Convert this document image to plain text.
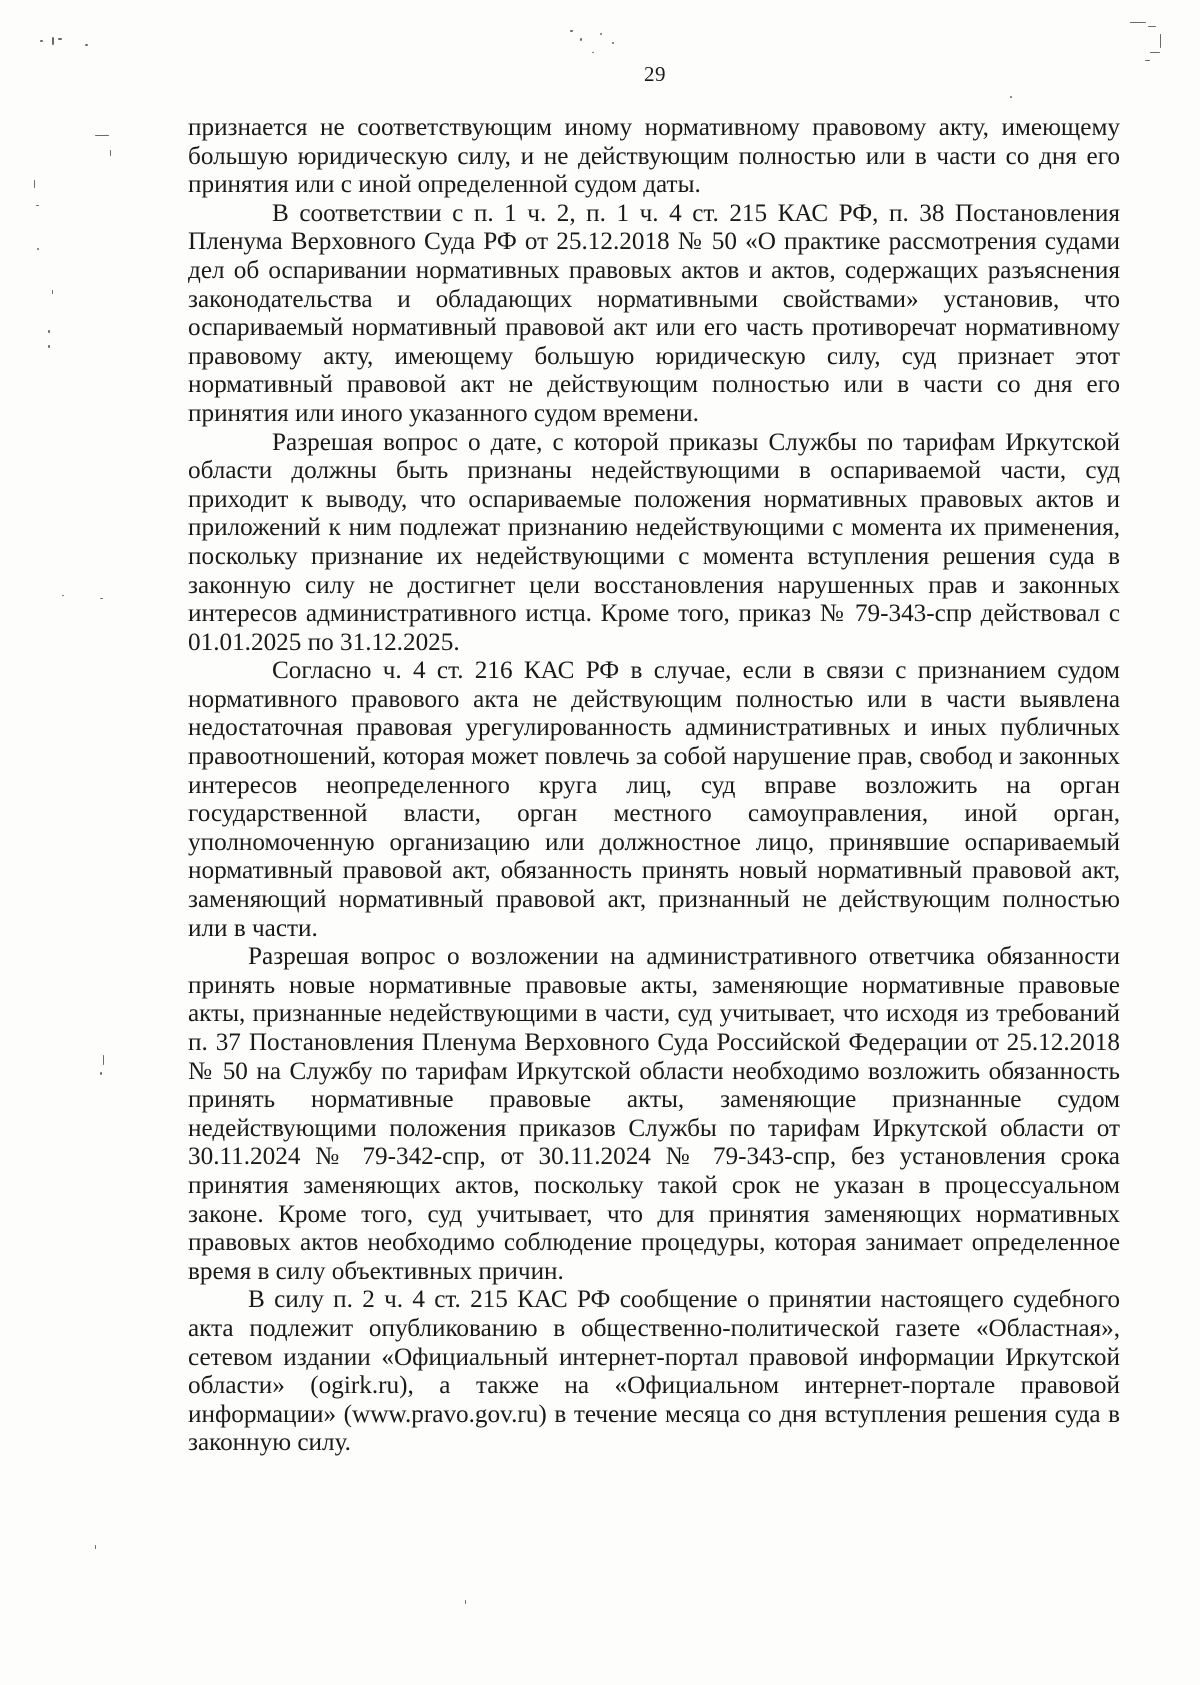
29

признается не соответствующим иному нормативному правовому акту, имеющему большую юридическую силу, и не действующим полностью или в части со дня его принятия или с иной определенной судом даты.

В соответствии с п. 1 ч. 2, п. 1 ч. 4 ст. 215 КАС РФ, п. 38 Постановления Пленума Верховного Суда РФ от 25.12.2018 № 50 «О практике рассмотрения судами дел об оспаривании нормативных правовых актов и актов, содержащих разъяснения законодательства и обладающих нормативными свойствами» установив, что оспариваемый нормативный правовой акт или его часть противоречат нормативному правовому акту, имеющему большую юридическую силу, суд признает этот нормативный правовой акт не действующим полностью или в части со дня его принятия или иного указанного судом времени.

Разрешая вопрос о дате, с которой приказы Службы по тарифам Иркутской области должны быть признаны недействующими в оспариваемой части, суд приходит к выводу, что оспариваемые положения нормативных правовых актов и приложений к ним подлежат признанию недействующими с момента их применения, поскольку признание их недействующими с момента вступления решения суда в законную силу не достигнет цели восстановления нарушенных прав и законных интересов административного истца. Кроме того, приказ № 79-343-спр действовал с 01.01.2025 по 31.12.2025.

Согласно ч. 4 ст. 216 КАС РФ в случае, если в связи с признанием судом нормативного правового акта не действующим полностью или в части выявлена недостаточная правовая урегулированность административных и иных публичных правоотношений, которая может повлечь за собой нарушение прав, свобод и законных интересов неопределенного круга лиц, суд вправе возложить на орган государственной власти, орган местного самоуправления, иной орган, уполномоченную организацию или должностное лицо, принявшие оспариваемый нормативный правовой акт, обязанность принять новый нормативный правовой акт, заменяющий нормативный правовой акт, признанный не действующим полностью или в части.

Разрешая вопрос о возложении на административного ответчика обязанности принять новые нормативные правовые акты, заменяющие нормативные правовые акты, признанные недействующими в части, суд учитывает, что исходя из требований п. 37 Постановления Пленума Верховного Суда Российской Федерации от 25.12.2018 № 50 на Службу по тарифам Иркутской области необходимо возложить обязанность принять нормативные правовые акты, заменяющие признанные судом недействующими положения приказов Службы по тарифам Иркутской области от 30.11.2024 № 79-342-спр, от 30.11.2024 № 79-343-спр, без установления срока принятия заменяющих актов, поскольку такой срок не указан в процессуальном законе. Кроме того, суд учитывает, что для принятия заменяющих нормативных правовых актов необходимо соблюдение процедуры, которая занимает определенное время в силу объективных причин.

В силу п. 2 ч. 4 ст. 215 КАС РФ сообщение о принятии настоящего судебного акта подлежит опубликованию в общественно-политической газете «Областная», сетевом издании «Официальный интернет-портал правовой информации Иркутской области» (ogirk.ru), а также на «Официальном интернет-портале правовой информации» (www.pravo.gov.ru) в течение месяца со дня вступления решения суда в законную силу.
